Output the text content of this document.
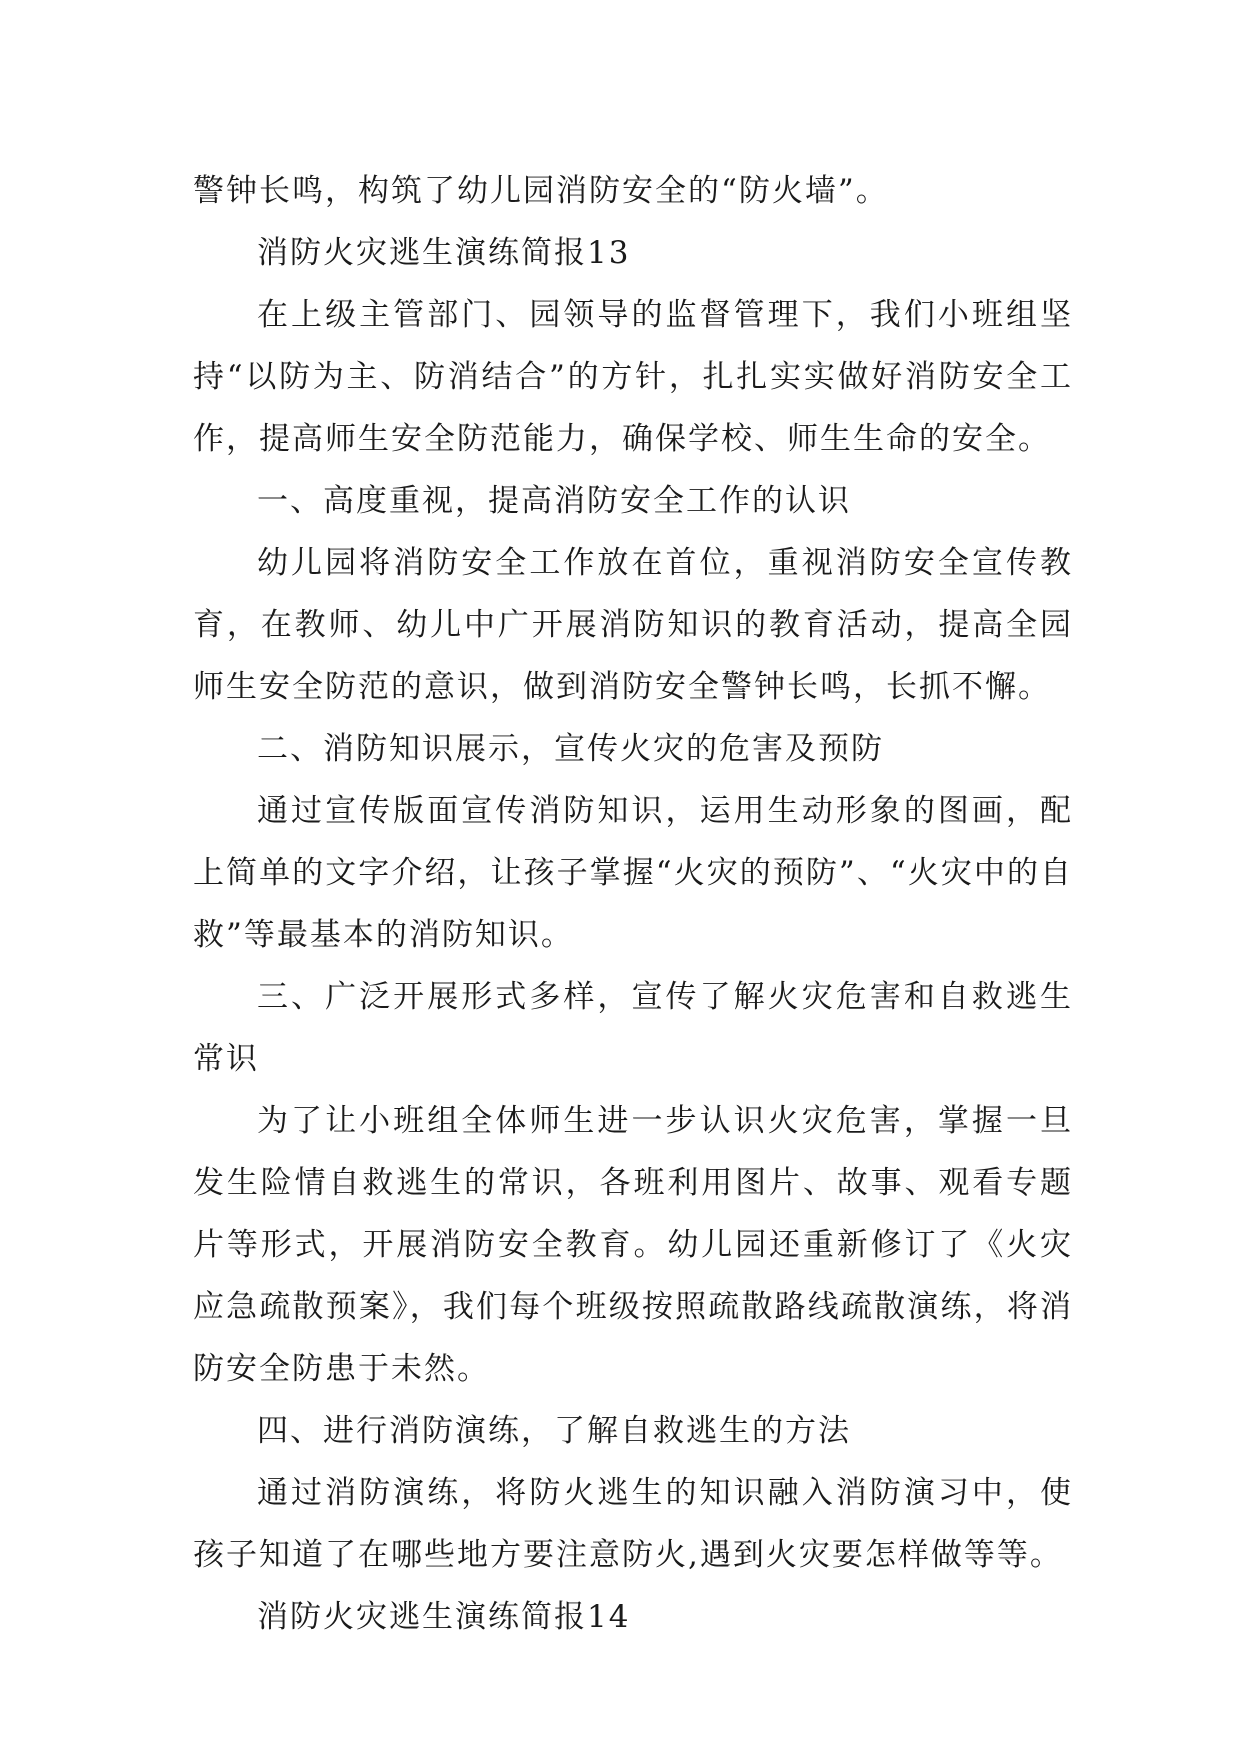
警钟长鸣，构筑了幼儿园消防安全的“防火墙”。

消防火灾逃生演练简报13

在上级主管部门、园领导的监督管理下，我们小班组坚持“以防为主、防消结合”的方针，扎扎实实做好消防安全工作，提高师生安全防范能力，确保学校、师生生命的安全。

一、高度重视，提高消防安全工作的认识

幼儿园将消防安全工作放在首位，重视消防安全宣传教育，在教师、幼儿中广开展消防知识的教育活动，提高全园师生安全防范的意识，做到消防安全警钟长鸣，长抓不懈。

二、消防知识展示，宣传火灾的危害及预防

通过宣传版面宣传消防知识，运用生动形象的图画，配上简单的文字介绍，让孩子掌握“火灾的预防”、“火灾中的自救”等最基本的消防知识。

三、广泛开展形式多样，宣传了解火灾危害和自救逃生常识

为了让小班组全体师生进一步认识火灾危害，掌握一旦发生险情自救逃生的常识，各班利用图片、故事、观看专题片等形式，开展消防安全教育。幼儿园还重新修订了《火灾应急疏散预案》，我们每个班级按照疏散路线疏散演练，将消防安全防患于未然。

四、进行消防演练，了解自救逃生的方法

通过消防演练，将防火逃生的知识融入消防演习中，使孩子知道了在哪些地方要注意防火,遇到火灾要怎样做等等。

消防火灾逃生演练简报14
